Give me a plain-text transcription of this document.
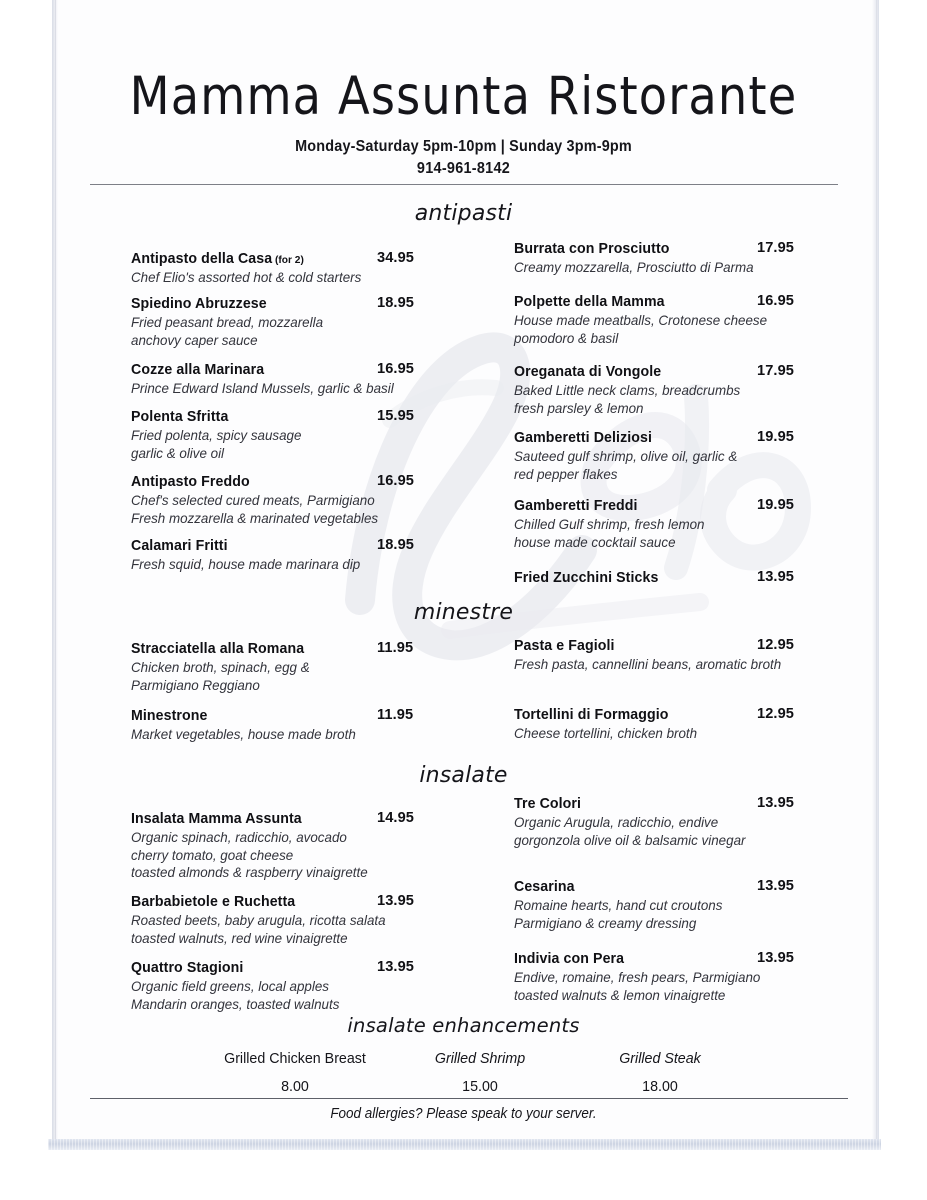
Mamma Assunta Ristorante
Monday-Saturday 5pm-10pm | Sunday 3pm-9pm
914-961-8142
antipasti
minestre
insalate
insalate enhancements
Antipasto della Casa (for 2)	34.95
Chef Elio's assorted hot & cold starters
Spiedino Abruzzese	18.95
Fried peasant bread, mozzarella
anchovy caper sauce
Cozze alla Marinara	16.95
Prince Edward Island Mussels, garlic & basil
Polenta Sfritta	15.95
Fried polenta, spicy sausage
garlic & olive oil
Antipasto Freddo	16.95
Chef's selected cured meats, Parmigiano
Fresh mozzarella & marinated vegetables
Calamari Fritti	18.95
Fresh squid, house made marinara dip
Burrata con Prosciutto	17.95
Creamy mozzarella, Prosciutto di Parma
Polpette della Mamma	16.95
House made meatballs, Crotonese cheese
pomodoro & basil
Oreganata di Vongole	17.95
Baked Little neck clams, breadcrumbs
fresh parsley & lemon
Gamberetti Deliziosi	19.95
Sauteed gulf shrimp, olive oil, garlic &
red pepper flakes
Gamberetti Freddi	19.95
Chilled Gulf shrimp, fresh lemon
house made cocktail sauce
Fried Zucchini Sticks	13.95
Stracciatella alla Romana	11.95
Chicken broth, spinach, egg &
Parmigiano Reggiano
Minestrone	11.95
Market vegetables, house made broth
Pasta e Fagioli	12.95
Fresh pasta, cannellini beans, aromatic broth
Tortellini di Formaggio	12.95
Cheese tortellini, chicken broth
Insalata Mamma Assunta	14.95
Organic spinach, radicchio, avocado
cherry tomato, goat cheese
toasted almonds & raspberry vinaigrette
Barbabietole e Ruchetta	13.95
Roasted beets, baby arugula, ricotta salata
toasted walnuts, red wine vinaigrette
Quattro Stagioni	13.95
Organic field greens, local apples
Mandarin oranges, toasted walnuts
Tre Colori	13.95
Organic Arugula, radicchio, endive
gorgonzola olive oil & balsamic vinegar
Cesarina	13.95
Romaine hearts, hand cut croutons
Parmigiano & creamy dressing
Indivia con Pera	13.95
Endive, romaine, fresh pears, Parmigiano
toasted walnuts & lemon vinaigrette
Grilled Chicken Breast
8.00
Grilled Shrimp
15.00
Grilled Steak
18.00
Food allergies? Please speak to your server.
